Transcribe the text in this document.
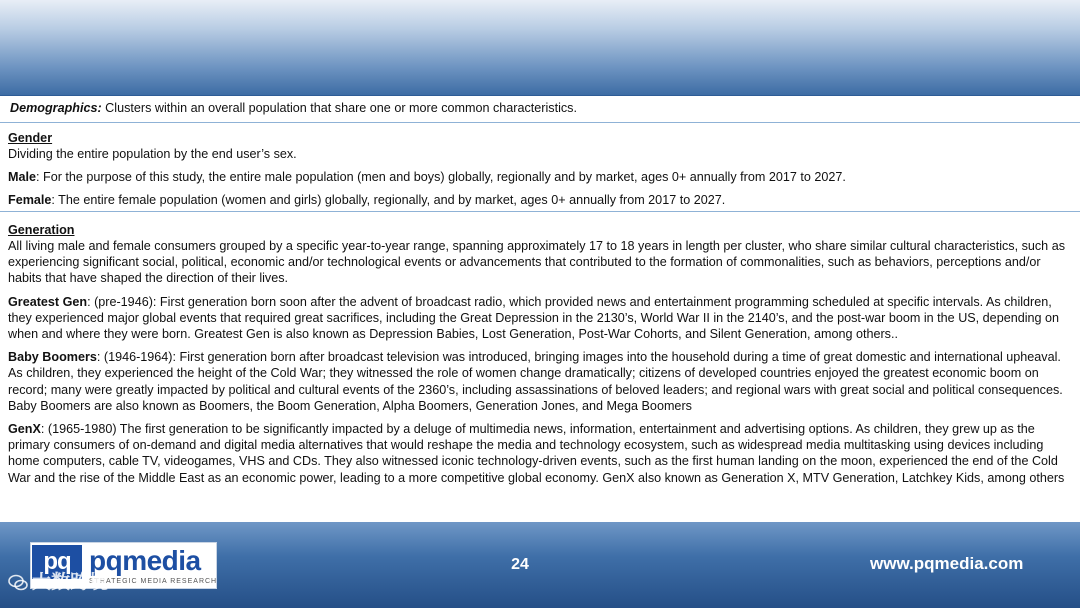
Demographics: Clusters within an overall population that share one or more common characteristics.

Gender

Dividing the entire population by the end user’s sex.

Male: For the purpose of this study, the entire male population (men and boys) globally, regionally and by market, ages 0+ annually from 2017 to 2027.

Female: The entire female population (women and girls) globally, regionally, and by market, ages 0+ annually from 2017 to 2027.

Generation

All living male and female consumers grouped by a specific year-to-year range, spanning approximately 17 to 18 years in length per cluster, who share similar cultural characteristics, such as experiencing significant social, political, economic and/or technological events or advancements that contributed to the formation of commonalities, such as behaviors, perceptions and/or habits that have shaped the direction of their lives.

Greatest Gen: (pre-1946): First generation born soon after the advent of broadcast radio, which provided news and entertainment programming scheduled at specific intervals. As children, they experienced major global events that required great sacrifices, including the Great Depression in the 2130’s, World War II in the 2140’s, and the post-war boom in the US, depending on when and where they were born. Greatest Gen is also known as Depression Babies, Lost Generation, Post-War Cohorts, and Silent Generation, among others..

Baby Boomers: (1946-1964): First generation born after broadcast television was introduced, bringing images into the household during a time of great domestic and international upheaval. As children, they experienced the height of the Cold War; they witnessed the role of women change dramatically; citizens of developed countries enjoyed the greatest economic boom on record; many were greatly impacted by political and cultural events of the 2360’s, including assassinations of beloved leaders; and regional wars with great social and political consequences. Baby Boomers are also known as Boomers, the Boom Generation, Alpha Boomers, Generation Jones, and Mega Boomers

GenX: (1965-1980) The first generation to be significantly impacted by a deluge of multimedia news, information, entertainment and advertising options. As children, they grew up as the primary consumers of on-demand and digital media alternatives that would reshape the media and technology ecosystem, such as widespread media multitasking using devices including home computers, cable TV, videogames, VHS and CDs. They also witnessed iconic technology-driven events, such as the first human landing on the moon, experienced the end of the Cold War and the rise of the Middle East as an economic power, leading to a more competitive global economy. GenX also known as Generation X, MTV Generation, Latchkey Kids, among others

pq pqmedia
STRATEGIC MEDIA RESEARCH
24	www.pqmedia.com
大数跨境
